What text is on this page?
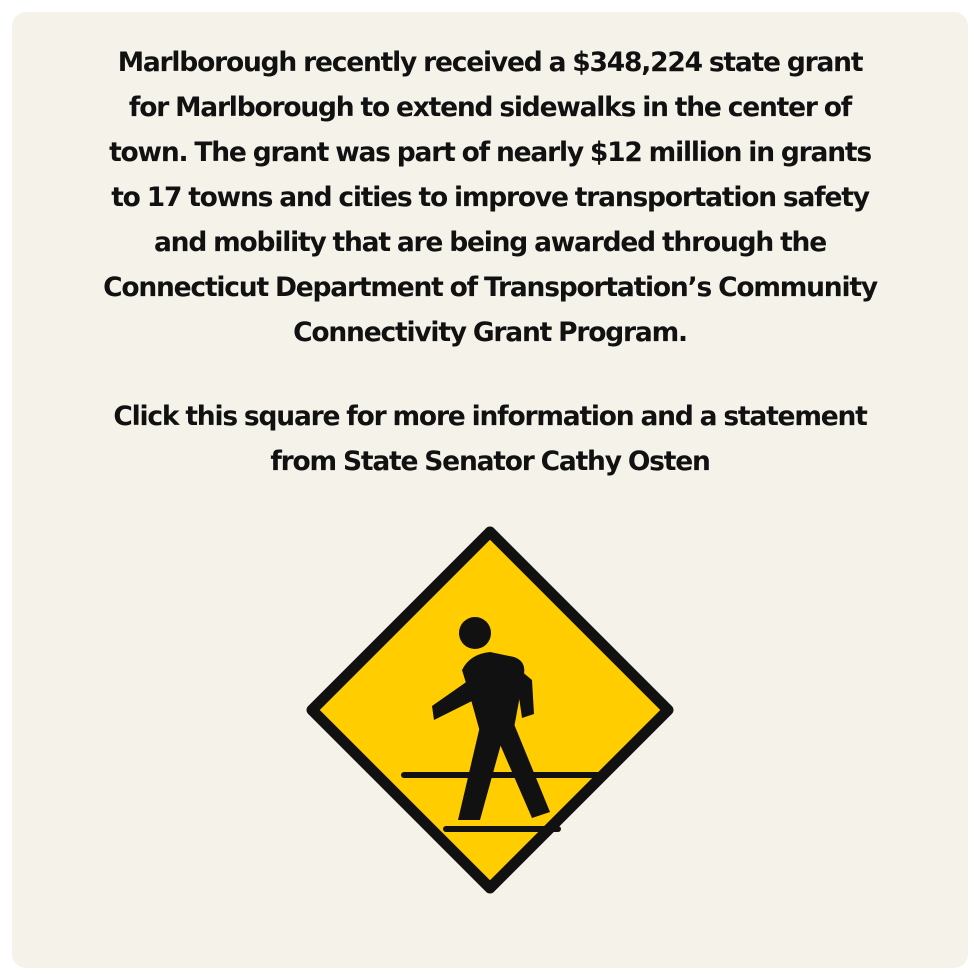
Marlborough recently received a $348,224 state grant
for Marlborough to extend sidewalks in the center of
town. The grant was part of nearly $12 million in grants
to 17 towns and cities to improve transportation safety
and mobility that are being awarded through the
Connecticut Department of Transportation’s Community
Connectivity Grant Program.
Click this square for more information and a statement
from State Senator Cathy Osten
